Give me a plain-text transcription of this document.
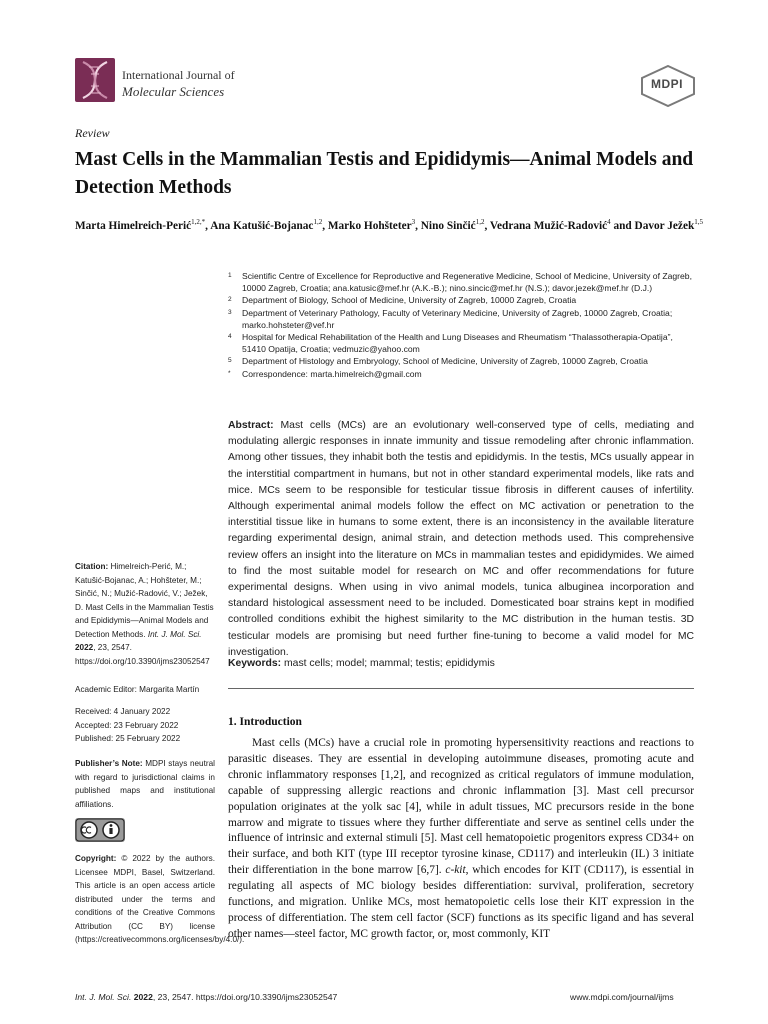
International Journal of
Molecular Sciences	MDPI
Review
Mast Cells in the Mammalian Testis and Epididymis—Animal Models and Detection Methods
Marta Himelreich-Perić$^{1,2,*}$, Ana Katušić-Bojanac$^{1,2}$, Marko Hohšteter$^3$, Nino Sinčić$^{1,2}$, Vedrana Mužić-Radović$^4$ and Davor Ježek$^{1,5}$
1 Scientific Centre of Excellence for Reproductive and Regenerative Medicine, School of Medicine, University of Zagreb, 10000 Zagreb, Croatia; ana.katusic@mef.hr (A.K.-B.); nino.sincic@mef.hr (N.S.); davor.jezek@mef.hr (D.J.)
2 Department of Biology, School of Medicine, University of Zagreb, 10000 Zagreb, Croatia
3 Department of Veterinary Pathology, Faculty of Veterinary Medicine, University of Zagreb, 10000 Zagreb, Croatia; marko.hohsteter@vef.hr
4 Hospital for Medical Rehabilitation of the Health and Lung Diseases and Rheumatism “Thalassotherapia-Opatija”, 51410 Opatija, Croatia; vedmuzic@yahoo.com
5 Department of Histology and Embryology, School of Medicine, University of Zagreb, 10000 Zagreb, Croatia
* Correspondence: marta.himelreich@gmail.com
Abstract: Mast cells (MCs) are an evolutionary well-conserved type of cells, mediating and modulating allergic responses in innate immunity and tissue remodeling after chronic inflammation. Among other tissues, they inhabit both the testis and epididymis. In the testis, MCs usually appear in the interstitial compartment in humans, but not in other standard experimental models, like rats and mice. MCs seem to be responsible for testicular tissue fibrosis in different causes of infertility. Although experimental animal models follow the effect on MC activation or penetration to the interstitial tissue like in humans to some extent, there is an inconsistency in the available literature regarding experimental design, animal strain, and detection methods used. This comprehensive review offers an insight into the literature on MCs in mammalian testes and epididymides. We aimed to find the most suitable model for research on MC and offer recommendations for future experimental designs. When using in vivo animal models, tunica albuginea incorporation and standard histological assessment need to be included. Domesticated boar strains kept in modified controlled conditions exhibit the highest similarity to the MC distribution in the human testis. 3D testicular models are promising but need further fine-tuning to become a valid model for MC investigation.
Keywords: mast cells; model; mammal; testis; epididymis
Citation: Himelreich-Perić, M.; Katušić-Bojanac, A.; Hohšteter, M.; Sinčić, N.; Mužić-Radović, V.; Ježek, D. Mast Cells in the Mammalian Testis and Epididymis—Animal Models and Detection Methods. Int. J. Mol. Sci. 2022, 23, 2547. https://doi.org/10.3390/ijms23052547
Academic Editor: Margarita Martín
Received: 4 January 2022
Accepted: 23 February 2022
Published: 25 February 2022
Publisher’s Note: MDPI stays neutral with regard to jurisdictional claims in published maps and institutional affiliations.
Copyright: © 2022 by the authors. Licensee MDPI, Basel, Switzerland. This article is an open access article distributed under the terms and conditions of the Creative Commons Attribution (CC BY) license (https://creativecommons.org/licenses/by/4.0/).
1. Introduction

Mast cells (MCs) have a crucial role in promoting hypersensitivity reactions and reactions to parasitic diseases. They are essential in developing autoimmune diseases, promoting acute and chronic inflammatory responses [1,2], and recognized as critical regulators of immune modulation, capable of suppressing allergic reactions and chronic inflammation [3]. Mast cell precursor population originates at the yolk sac [4], while in adult tissues, MC precursors reside in the bone marrow and migrate to tissues where they further differentiate and serve as sentinel cells under the influence of intrinsic and external stimuli [5]. Mast cell hematopoietic progenitors express CD34+ on their surface, and both KIT (type III receptor tyrosine kinase, CD117) and interleukin (IL) 3 initiate their differentiation in the bone marrow [6,7]. c-kit, which encodes for KIT (CD117), is essential in regulating all aspects of MC biology besides differentiation: survival, proliferation, secretory functions, and migration. Unlike MCs, most hematopoietic cells lose their KIT expression in the process of differentiation. The stem cell factor (SCF) functions as its specific ligand and has several other names—steel factor, MC growth factor, or, most commonly, KIT

Int. J. Mol. Sci. 2022, 23, 2547. https://doi.org/10.3390/ijms23052547	www.mdpi.com/journal/ijms
